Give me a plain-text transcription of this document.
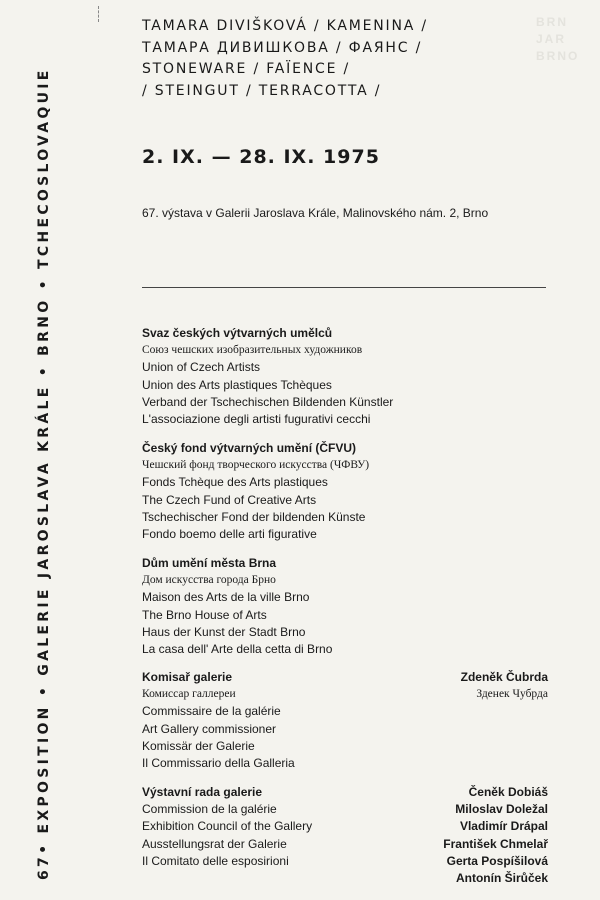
67• EXPOSITION • GALERIE JAROSLAVA KRÁLE • BRNO • TCHECOSLOVAQUIE
BRN
JAR
BRNO
TAMARA DIVIŠKOVÁ / KAMENINA /
ТАМАРА ДИВИШКОВА / ФАЯНС /
STONEWARE / FAÏENCE /
/ STEINGUT / TERRACOTTA /
2. IX. — 28. IX. 1975
67. výstava v Galerii Jaroslava Krále, Malinovského nám. 2, Brno
Svaz českých výtvarných umělců
Союз чешских изобразительных художников
Union of Czech Artists
Union des Arts plastiques Tchèques
Verband der Tschechischen Bildenden Künstler
L'associazione degli artisti fugurativi cecchi
Český fond výtvarných umění (ČFVU)
Чешский фонд творческого искусства (ЧФВУ)
Fonds Tchèque des Arts plastiques
The Czech Fund of Creative Arts
Tschechischer Fond der bildenden Künste
Fondo boemo delle arti figurative
Dům umění města Brna
Дом искусства города Брно
Maison des Arts de la ville Brno
The Brno House of Arts
Haus der Kunst der Stadt Brno
La casa dell' Arte della cetta di Brno
Komisař galerie
Комиссар галлереи
Commissaire de la galérie
Art Gallery commissioner
Komissär der Galerie
Il Commissario della Galleria
Zdeněk Čubrda
Зденек Чубрда
Výstavní rada galerie
Commission de la galérie
Exhibition Council of the Gallery
Ausstellungsrat der Galerie
Il Comitato delle esposirioni
Čeněk Dobiáš
Miloslav Doležal
Vladimír Drápal
František Chmelař
Gerta Pospíšilová
Antonín Širůček
